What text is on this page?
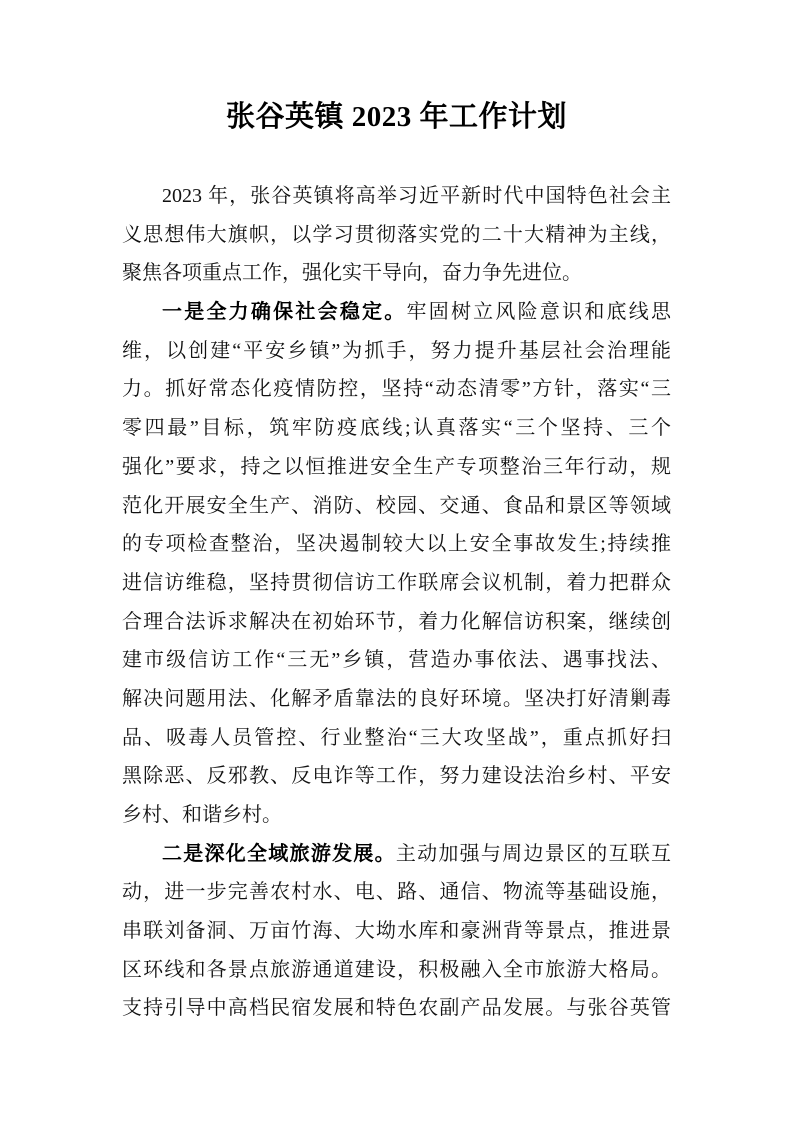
张谷英镇 2023 年工作计划
2023 年，张谷英镇将高举习近平新时代中国特色社会主
义思想伟大旗帜，以学习贯彻落实党的二十大精神为主线，
聚焦各项重点工作，强化实干导向，奋力争先进位。
一是全力确保社会稳定。牢固树立风险意识和底线思
维，以创建“平安乡镇”为抓手，努力提升基层社会治理能
力。抓好常态化疫情防控，坚持“动态清零”方针，落实“三
零四最”目标，筑牢防疫底线;认真落实“三个坚持、三个
强化”要求，持之以恒推进安全生产专项整治三年行动，规
范化开展安全生产、消防、校园、交通、食品和景区等领域
的专项检查整治，坚决遏制较大以上安全事故发生;持续推
进信访维稳，坚持贯彻信访工作联席会议机制，着力把群众
合理合法诉求解决在初始环节，着力化解信访积案，继续创
建市级信访工作“三无”乡镇，营造办事依法、遇事找法、
解决问题用法、化解矛盾靠法的良好环境。坚决打好清剿毒
品、吸毒人员管控、行业整治“三大攻坚战”，重点抓好扫
黑除恶、反邪教、反电诈等工作，努力建设法治乡村、平安
乡村、和谐乡村。
二是深化全域旅游发展。主动加强与周边景区的互联互
动，进一步完善农村水、电、路、通信、物流等基础设施，
串联刘备洞、万亩竹海、大坳水库和豪洲背等景点，推进景
区环线和各景点旅游通道建设，积极融入全市旅游大格局。
支持引导中高档民宿发展和特色农副产品发展。与张谷英管
